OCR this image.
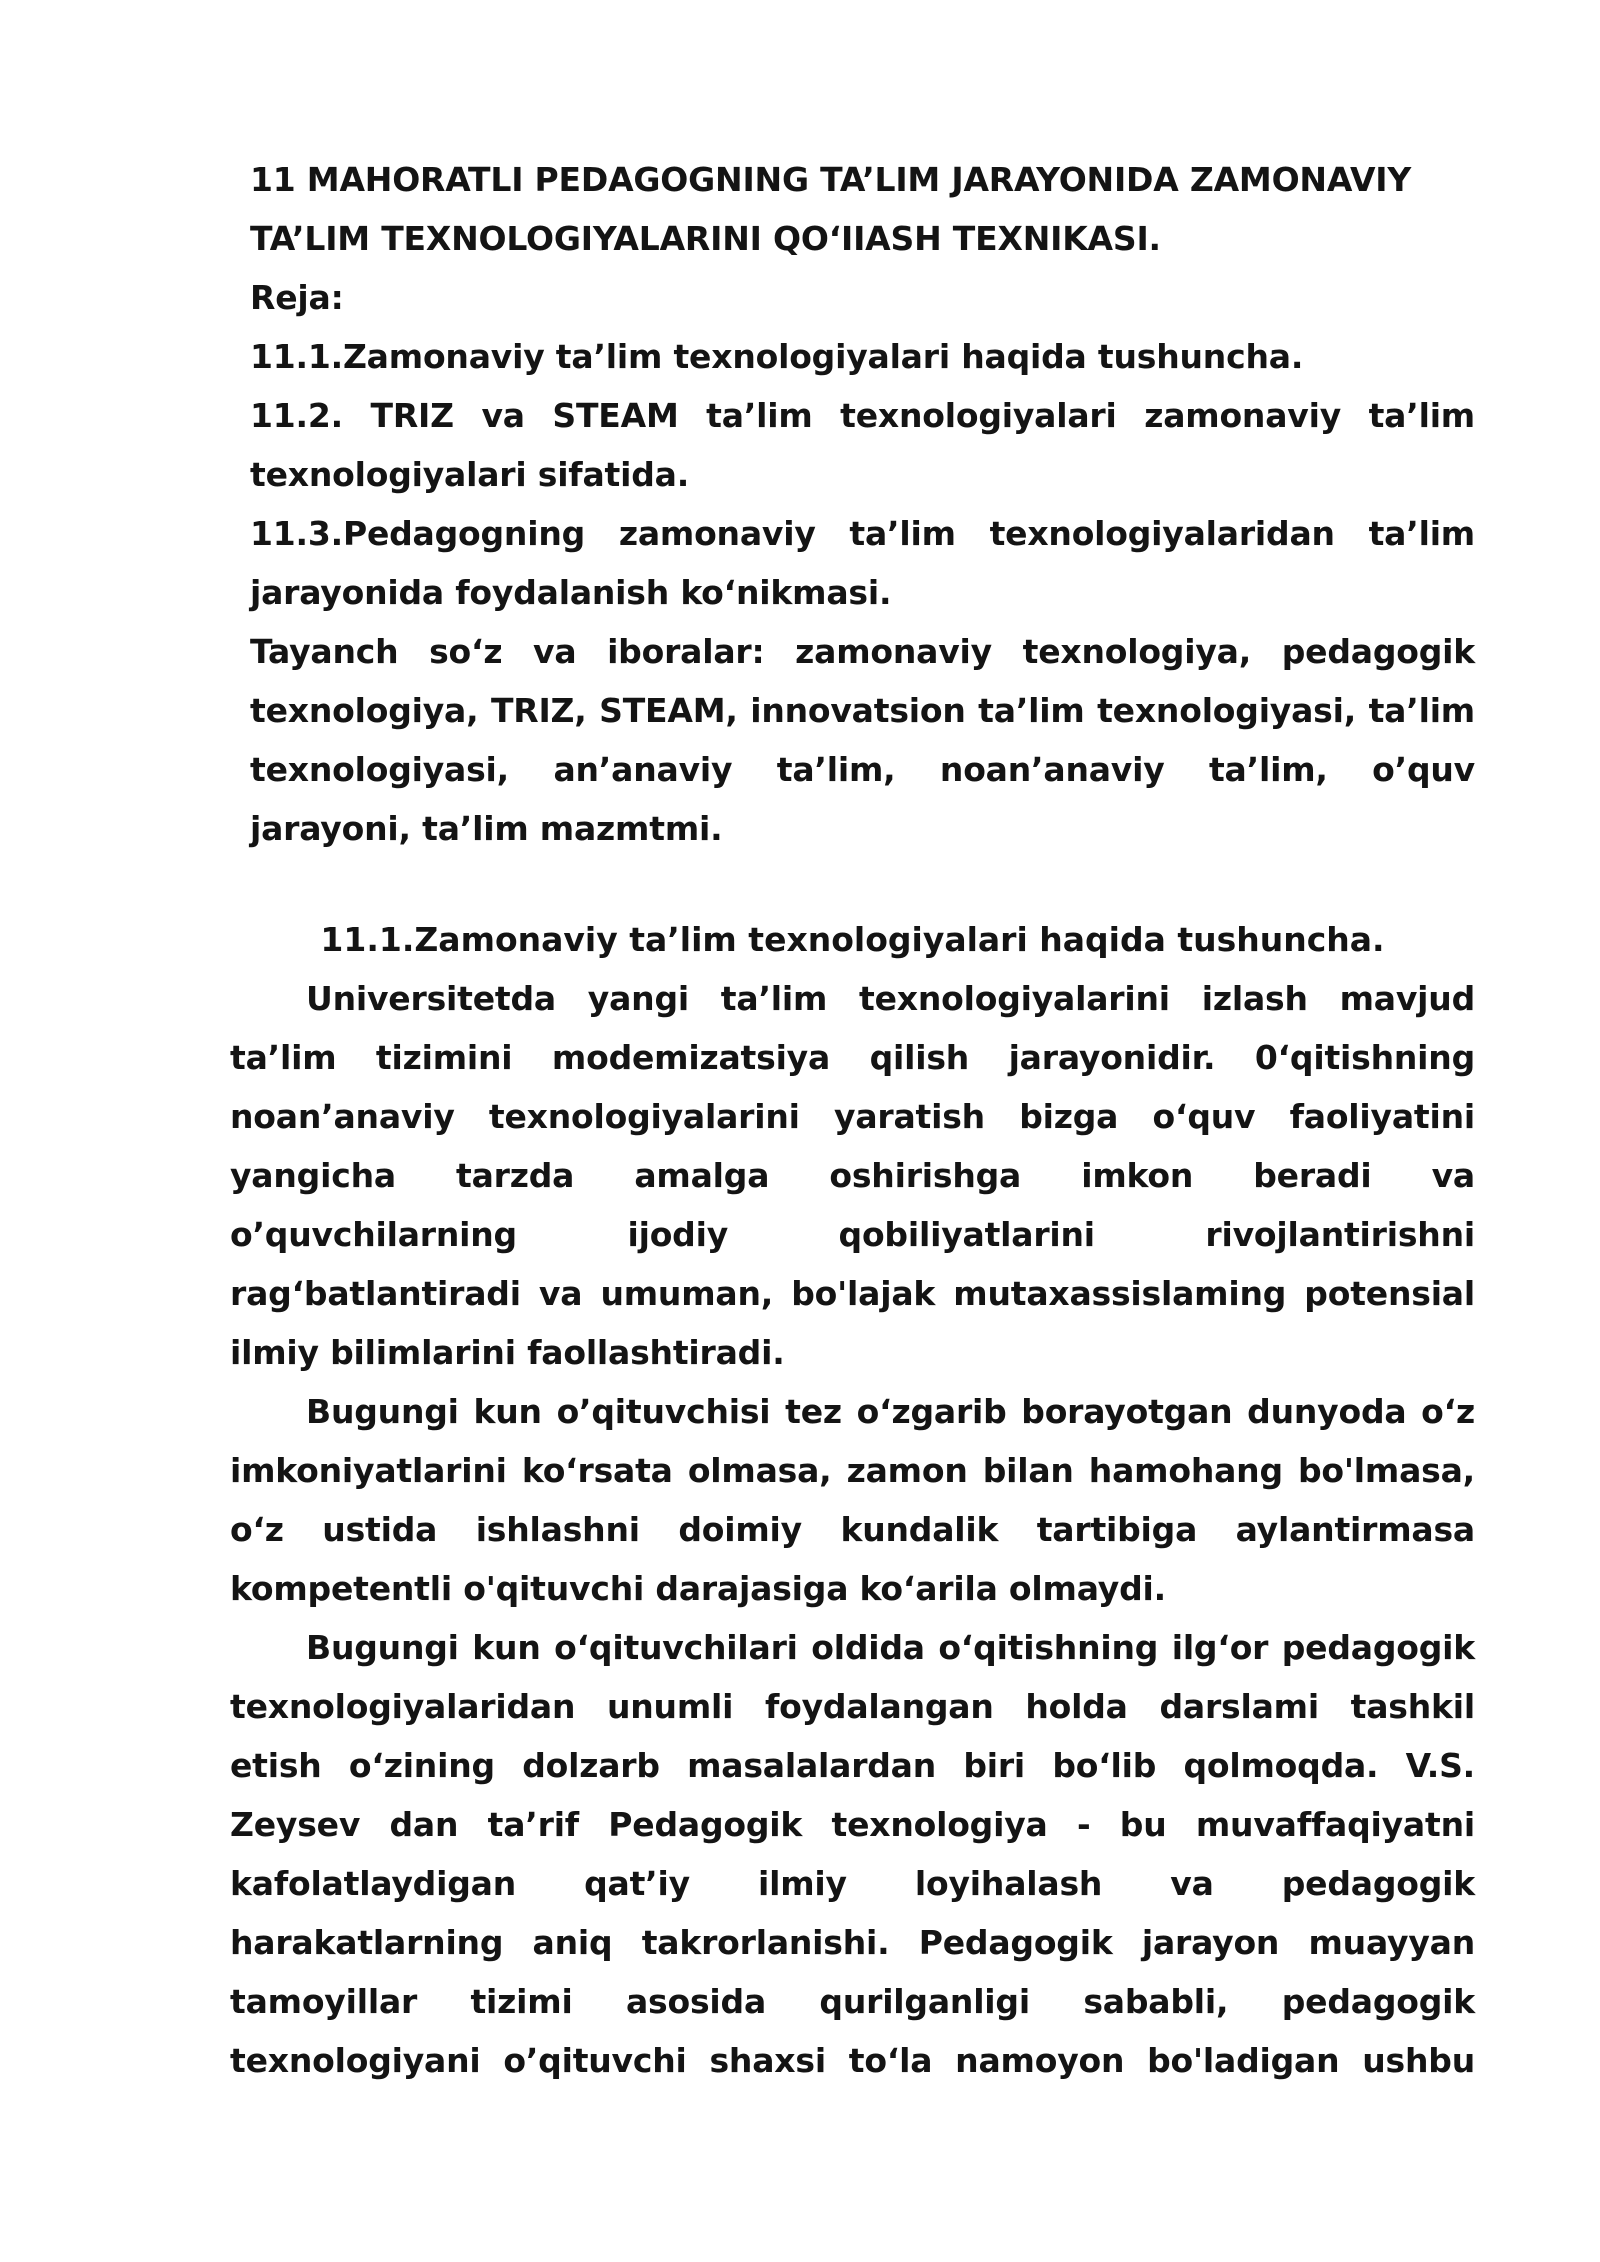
11 MAHORATLI PEDAGOGNING TA’LIM JARAYONIDA ZAMONAVIY TA’LIM TEXNOLOGIYALARINI QO‘IIASH TEXNIKASI.

Reja:

11.1.Zamonaviy ta’lim texnologiyalari haqida tushuncha.

11.2. TRIZ va STEAM ta’lim texnologiyalari zamonaviy ta’lim texnologiyalari sifatida.

11.3.Pedagogning zamonaviy ta’lim texnologiyalaridan ta’lim jarayonida foydalanish ko‘nikmasi.

Tayanch so‘z va iboralar: zamonaviy texnologiya, pedagogik texnologiya, TRIZ, STEAM, innovatsion ta’lim texnologiyasi, ta’lim texnologiyasi, an’anaviy ta’lim, noan’anaviy ta’lim, o’quv jarayoni, ta’lim mazmtmi.

11.1.Zamonaviy ta’lim texnologiyalari haqida tushuncha.

Universitetda yangi ta’lim texnologiyalarini izlash mavjud ta’lim tizimini modemizatsiya qilish jarayonidir. 0‘qitishning noan’anaviy texnologiyalarini yaratish bizga o‘quv faoliyatini yangicha tarzda amalga oshirishga imkon beradi va o’quvchilarning ijodiy qobiliyatlarini rivojlantirishni rag‘batlantiradi va umuman, bo'lajak mutaxassislaming potensial ilmiy bilimlarini faollashtiradi.

Bugungi kun o’qituvchisi tez o‘zgarib borayotgan dunyoda o‘z imkoniyatlarini ko‘rsata olmasa, zamon bilan hamohang bo'lmasa, o‘z ustida ishlashni doimiy kundalik tartibiga aylantirmasa kompetentli o'qituvchi darajasiga ko‘arila olmaydi.

Bugungi kun o‘qituvchilari oldida o‘qitishning ilg‘or pedagogik texnologiyalaridan unumli foydalangan holda darslami tashkil etish o‘zining dolzarb masalalardan biri bo‘lib qolmoqda. V.S. Zeysev dan ta’rif Pedagogik texnologiya - bu muvaffaqiyatni kafolatlaydigan qat’iy ilmiy loyihalash va pedagogik harakatlarning aniq takrorlanishi. Pedagogik jarayon muayyan tamoyillar tizimi asosida qurilganligi sababli, pedagogik texnologiyani o’qituvchi shaxsi to‘la namoyon bo'ladigan ushbu
